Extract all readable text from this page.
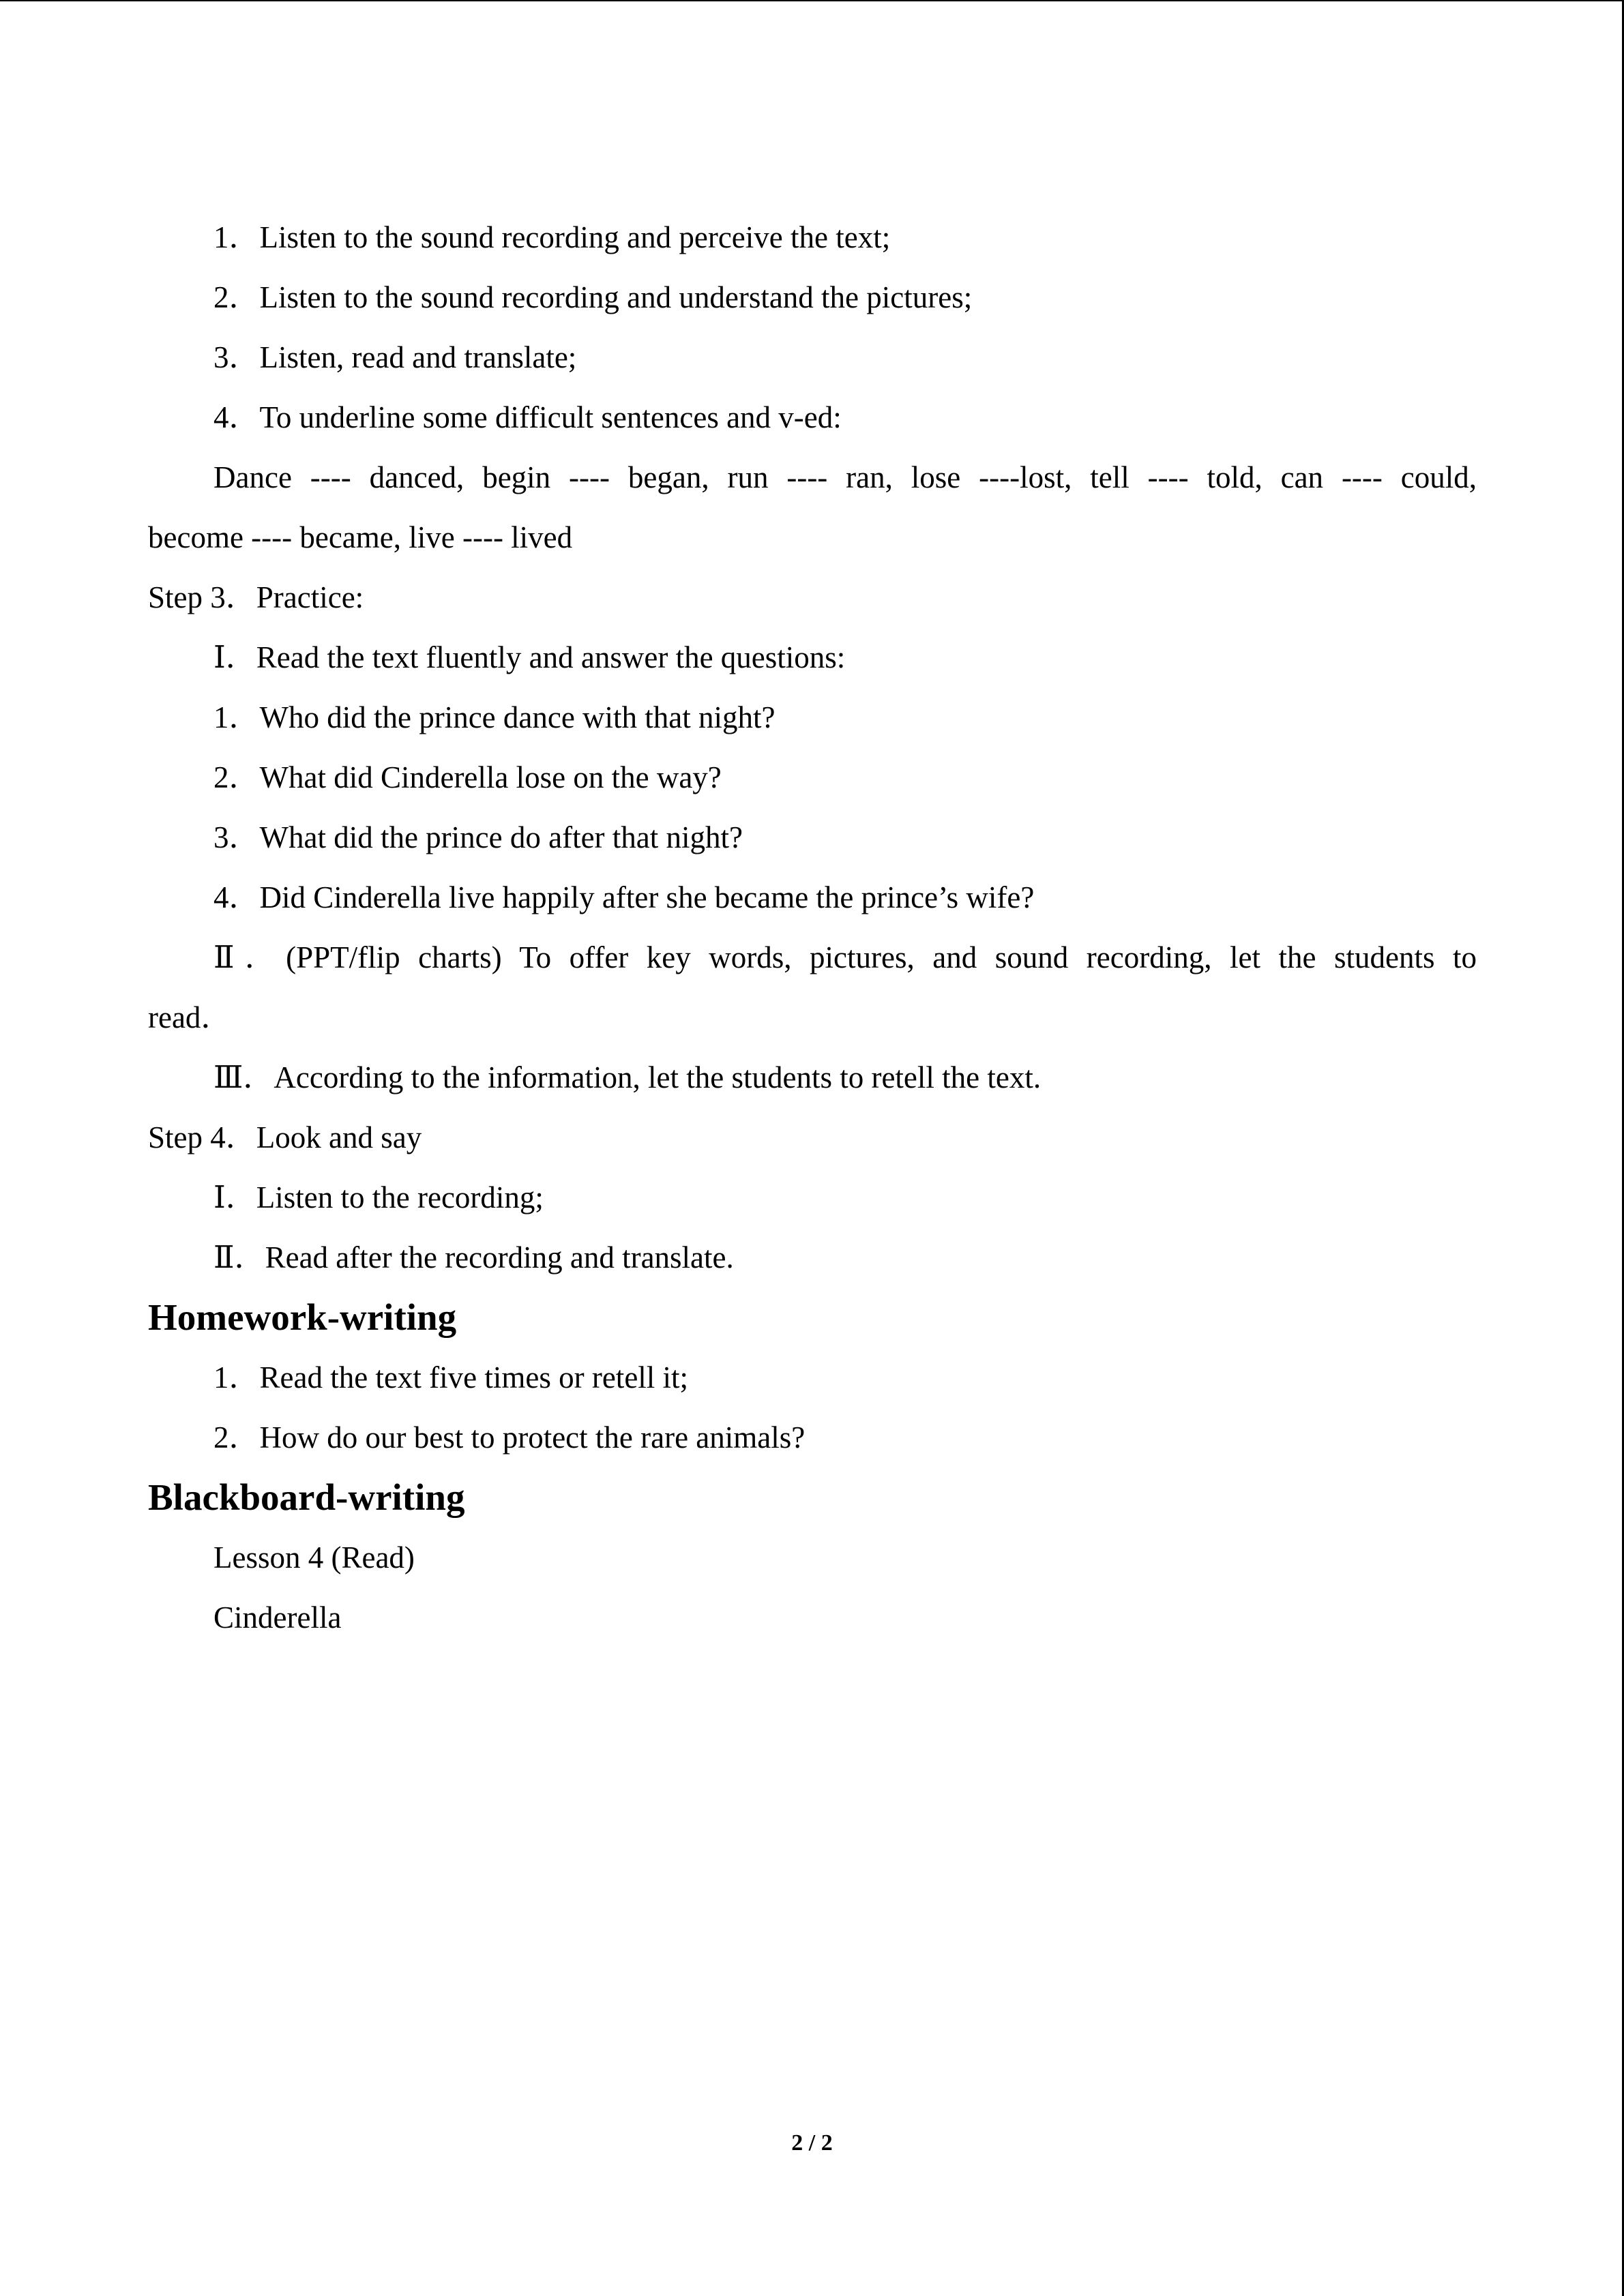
1．Listen to the sound recording and perceive the text;
2．Listen to the sound recording and understand the pictures;
3．Listen, read and translate;
4．To underline some difficult sentences and v-ed:
Dance ---- danced, begin ---- began, run ---- ran, lose ----lost, tell ---- told, can ---- could,
become ---- became, live ---- lived
Step 3．Practice:
Ⅰ．Read the text fluently and answer the questions:
1．Who did the prince dance with that night?
2．What did Cinderella lose on the way?
3．What did the prince do after that night?
4．Did Cinderella live happily after she became the prince’s wife?
Ⅱ．(PPT/flip charts) To offer key words, pictures, and sound recording, let the students to
read．
Ⅲ．According to the information, let the students to retell the text.
Step 4．Look and say
Ⅰ．Listen to the recording;
Ⅱ．Read after the recording and translate.
Homework-writing
1．Read the text five times or retell it;
2．How do our best to protect the rare animals?
Blackboard-writing
Lesson 4 (Read)
Cinderella
2 / 2
